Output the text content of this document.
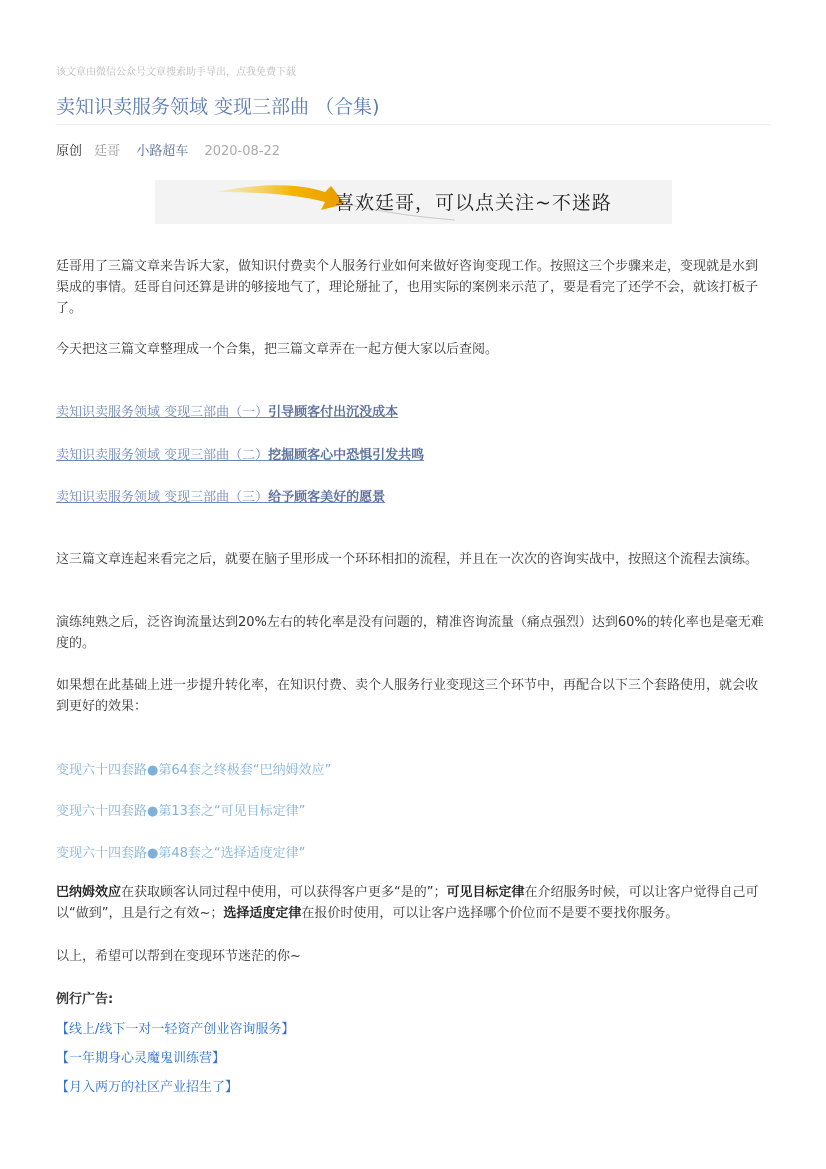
该文章由微信公众号文章搜索助手导出，点我免费下载
卖知识卖服务领域 变现三部曲 （合集)
原创 廷哥 小路超车 2020-08-22
喜欢廷哥，可以点关注~不迷路
廷哥用了三篇文章来告诉大家，做知识付费卖个人服务行业如何来做好咨询变现工作。按照这三个步骤来走，变现就是水到渠成的事情。廷哥自问还算是讲的够接地气了，理论掰扯了，也用实际的案例来示范了，要是看完了还学不会，就该打板子了。
今天把这三篇文章整理成一个合集，把三篇文章弄在一起方便大家以后查阅。
卖知识卖服务领域 变现三部曲（一）引导顾客付出沉没成本
卖知识卖服务领域 变现三部曲（二）挖掘顾客心中恐惧引发共鸣
卖知识卖服务领域 变现三部曲（三）给予顾客美好的愿景
这三篇文章连起来看完之后，就要在脑子里形成一个环环相扣的流程，并且在一次次的咨询实战中，按照这个流程去演练。
演练纯熟之后，泛咨询流量达到20%左右的转化率是没有问题的，精准咨询流量（痛点强烈）达到60%的转化率也是毫无难度的。
如果想在此基础上进一步提升转化率，在知识付费、卖个人服务行业变现这三个环节中，再配合以下三个套路使用，就会收到更好的效果：
变现六十四套路●第64套之终极套“巴纳姆效应”
变现六十四套路●第13套之“可见目标定律”
变现六十四套路●第48套之“选择适度定律”
巴纳姆效应在获取顾客认同过程中使用，可以获得客户更多“是的”；可见目标定律在介绍服务时候，可以让客户觉得自己可以“做到”，且是行之有效~；选择适度定律在报价时使用，可以让客户选择哪个价位而不是要不要找你服务。
以上，希望可以帮到在变现环节迷茫的你~
例行广告:
【线上/线下一对一轻资产创业咨询服务】
【一年期身心灵魔鬼训练营】
【月入两万的社区产业招生了】
